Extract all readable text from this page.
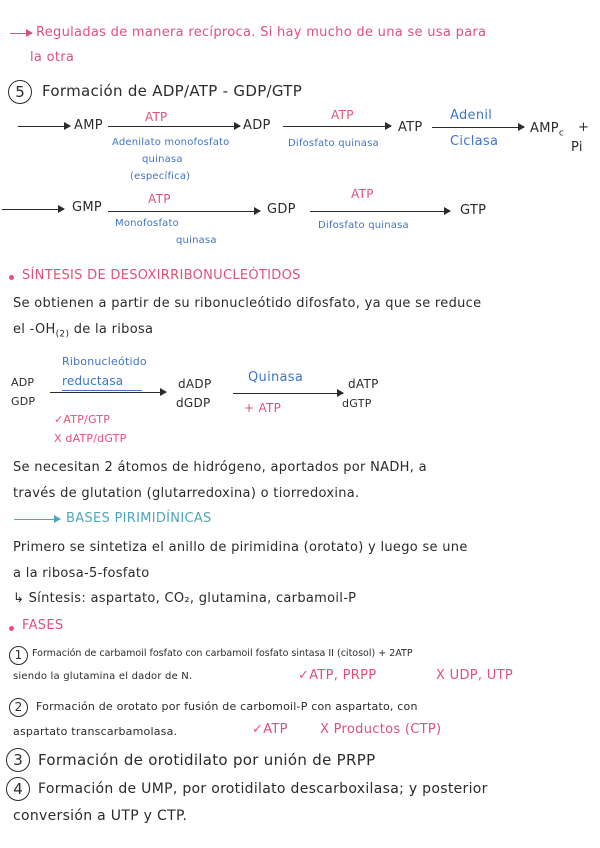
Reguladas de manera recíproca. Si hay mucho de una se usa para
la otra
5	Formación de ADP/ATP - GDP/GTP
AMP
ATP
Adenilato monofosfato
quinasa
(específica)
ADP
ATP
Difosfato quinasa
ATP
Adenil
Ciclasa
$AMP_c$ +
Pi
GMP
ATP
Monofosfato
quinasa
GDP
ATP
Difosfato quinasa
GTP
SÍNTESIS DE DESOXIRRIBONUCLEÓTIDOS
Se obtienen a partir de su ribonucleótido difosfato, ya que se reduce
el $-OH_{(2)}$ de la ribosa
ADP
GDP
Ribonucleótido
reductasa
✓ATP/GTP
X dATP/dGTP
dADP
dGDP
Quinasa
+ ATP
dATP
dGTP
Se necesitan 2 átomos de hidrógeno, aportados por NADH, a
través de glutation (glutarredoxina) o tiorredoxina.
BASES PIRIMIDÍNICAS
Primero se sintetiza el anillo de pirimidina (orotato) y luego se une
a la ribosa-5-fosfato
↳ Síntesis: aspartato, CO₂, glutamina, carbamoil-P
FASES
1	Formación de carbamoil fosfato con carbamoil fosfato sintasa II (citosol) + 2ATP
siendo la glutamina el dador de N.	✓ATP, PRPP	X UDP, UTP
2	Formación de orotato por fusión de carbomoil-P con aspartato, con
aspartato transcarbamolasa.	✓ATP X Productos (CTP)
3	Formación de orotidilato por unión de PRPP
4	Formación de UMP, por orotidilato descarboxilasa; y posterior
conversión a UTP y CTP.
